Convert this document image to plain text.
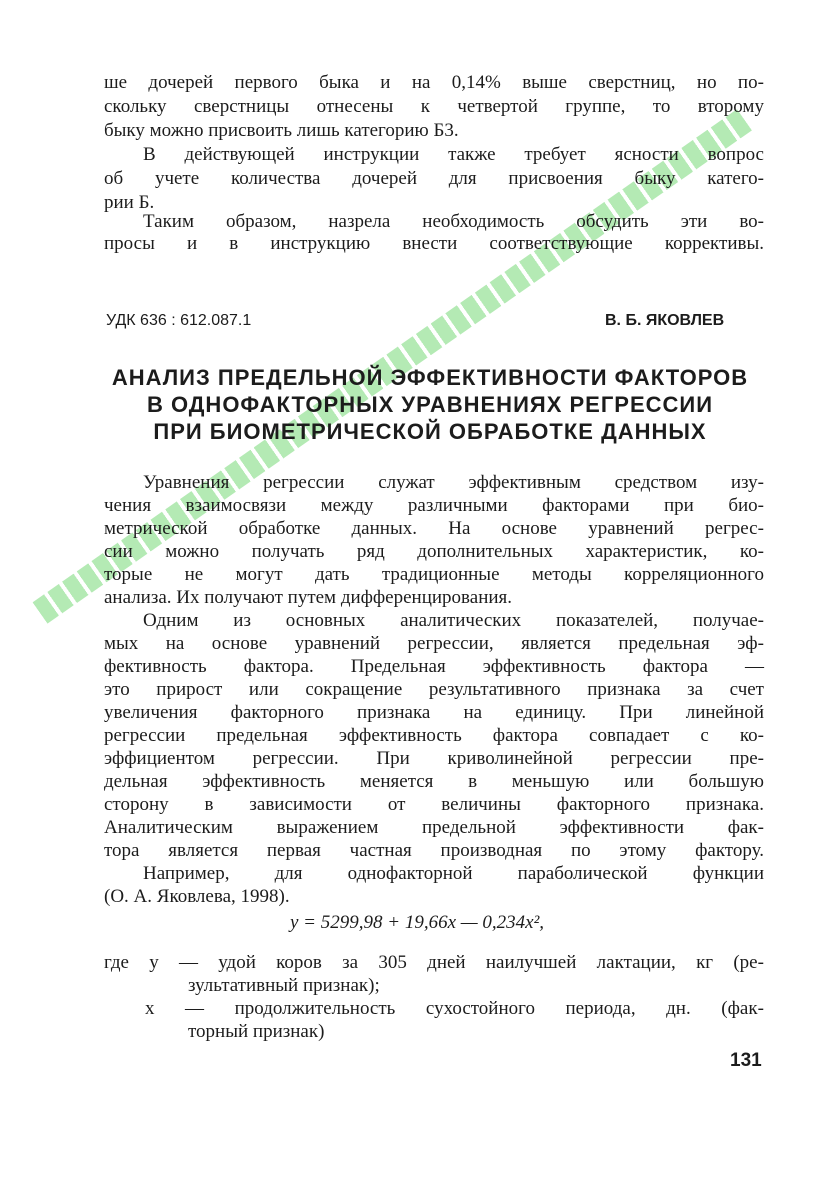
ше дочерей первого быка и на 0,14% выше сверстниц, но по-
скольку сверстницы отнесены к четвертой группе, то второму
быку можно присвоить лишь категорию Б3.
В действующей инструкции также требует ясности вопрос
об учете количества дочерей для присвоения быку катего-
рии Б.
Таким образом, назрела необходимость обсудить эти во-
просы и в инструкцию внести соответствующие коррективы.
УДК 636 : 612.087.1	В. Б. ЯКОВЛЕВ
АНАЛИЗ ПРЕДЕЛЬНОЙ ЭФФЕКТИВНОСТИ ФАКТОРОВ
В ОДНОФАКТОРНЫХ УРАВНЕНИЯХ РЕГРЕССИИ
ПРИ БИОМЕТРИЧЕСКОЙ ОБРАБОТКЕ ДАННЫХ
Уравнения регрессии служат эффективным средством изу-
чения взаимосвязи между различными факторами при био-
метрической обработке данных. На основе уравнений регрес-
сии можно получать ряд дополнительных характеристик, ко-
торые не могут дать традиционные методы корреляционного
анализа. Их получают путем дифференцирования.
Одним из основных аналитических показателей, получае-
мых на основе уравнений регрессии, является предельная эф-
фективность фактора. Предельная эффективность фактора —
это прирост или сокращение результативного признака за счет
увеличения факторного признака на единицу. При линейной
регрессии предельная эффективность фактора совпадает с ко-
эффициентом регрессии. При криволинейной регрессии пре-
дельная эффективность меняется в меньшую или большую
сторону в зависимости от величины факторного признака.
Аналитическим выражением предельной эффективности фак-
тора является первая частная производная по этому фактору.
Например, для однофакторной параболической функции
(О. А. Яковлева, 1998).
y = 5299,98 + 19,66x — 0,234x²,
где y — удой коров за 305 дней наилучшей лактации, кг (ре-
зультативный признак);
x — продолжительность сухостойного периода, дн. (фак-
торный признак)
131
